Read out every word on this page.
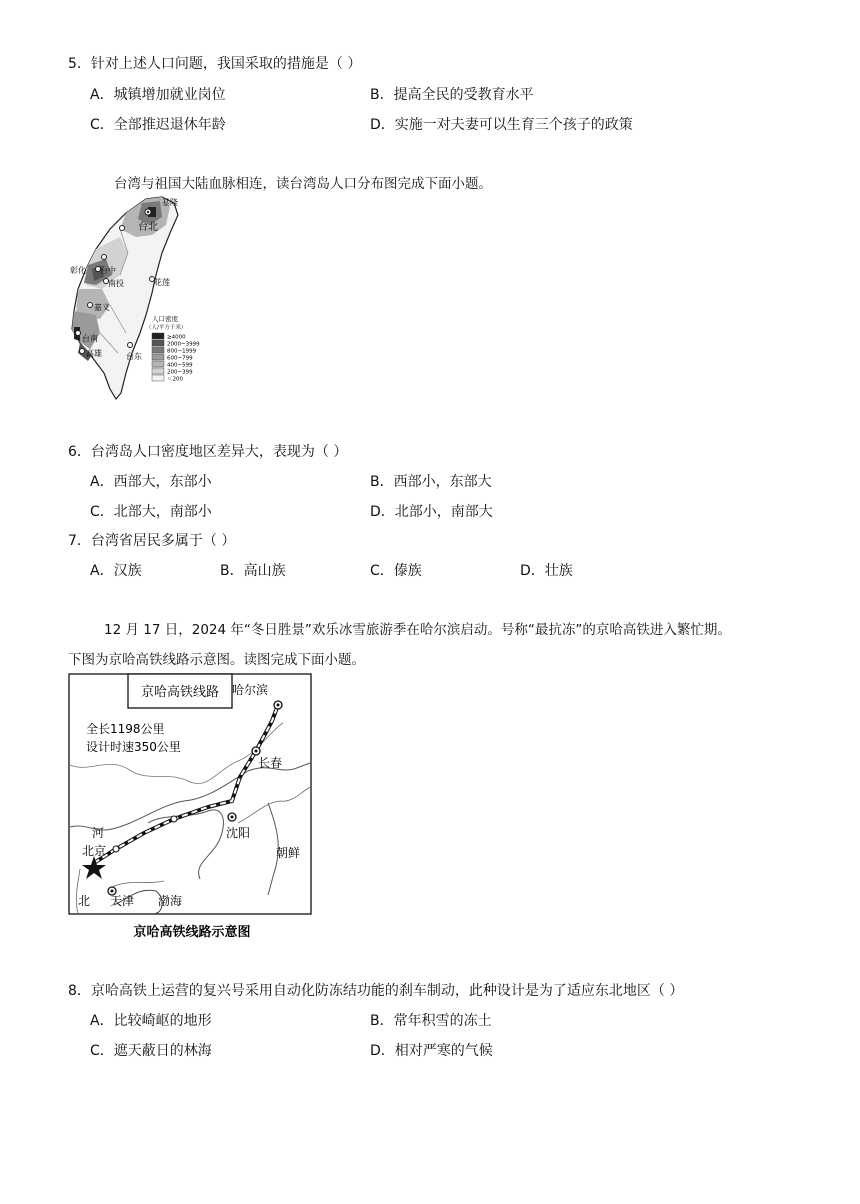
5．针对上述人口问题，我国采取的措施是（ ）
A．城镇增加就业岗位	B．提高全民的受教育水平
C．全部推迟退休年龄	D．实施一对夫妻可以生育三个孩子的政策
台湾与祖国大陆血脉相连，读台湾岛人口分布图完成下面小题。
基隆
台北
彰化 台中
南投	花莲
嘉义
台南
高雄	台东
人口密度
（人/平方千米）
≥4000
2000~3999
800~1999
600~799
400~599
200~399
＜200
6．台湾岛人口密度地区差异大，表现为（ ）
A．西部大，东部小	B．西部小，东部大
C．北部大，南部小	D．北部小，南部大
7．台湾省居民多属于（ ）
A．汉族	B．高山族	C．傣族	D．壮族
12 月 17 日，2024 年“冬日胜景”欢乐冰雪旅游季在哈尔滨启动。号称“最抗冻”的京哈高铁进入繁忙期。
下图为京哈高铁线路示意图。读图完成下面小题。
京哈高铁线路 哈尔滨
全长1198公里
设计时速350公里
长春
沈阳
朝鲜
河
北京
北 天津 渤海
京哈高铁线路示意图
8．京哈高铁上运营的复兴号采用自动化防冻结功能的刹车制动，此种设计是为了适应东北地区（ ）
A．比较崎岖的地形	B．常年积雪的冻土
C．遮天蔽日的林海	D．相对严寒的气候
